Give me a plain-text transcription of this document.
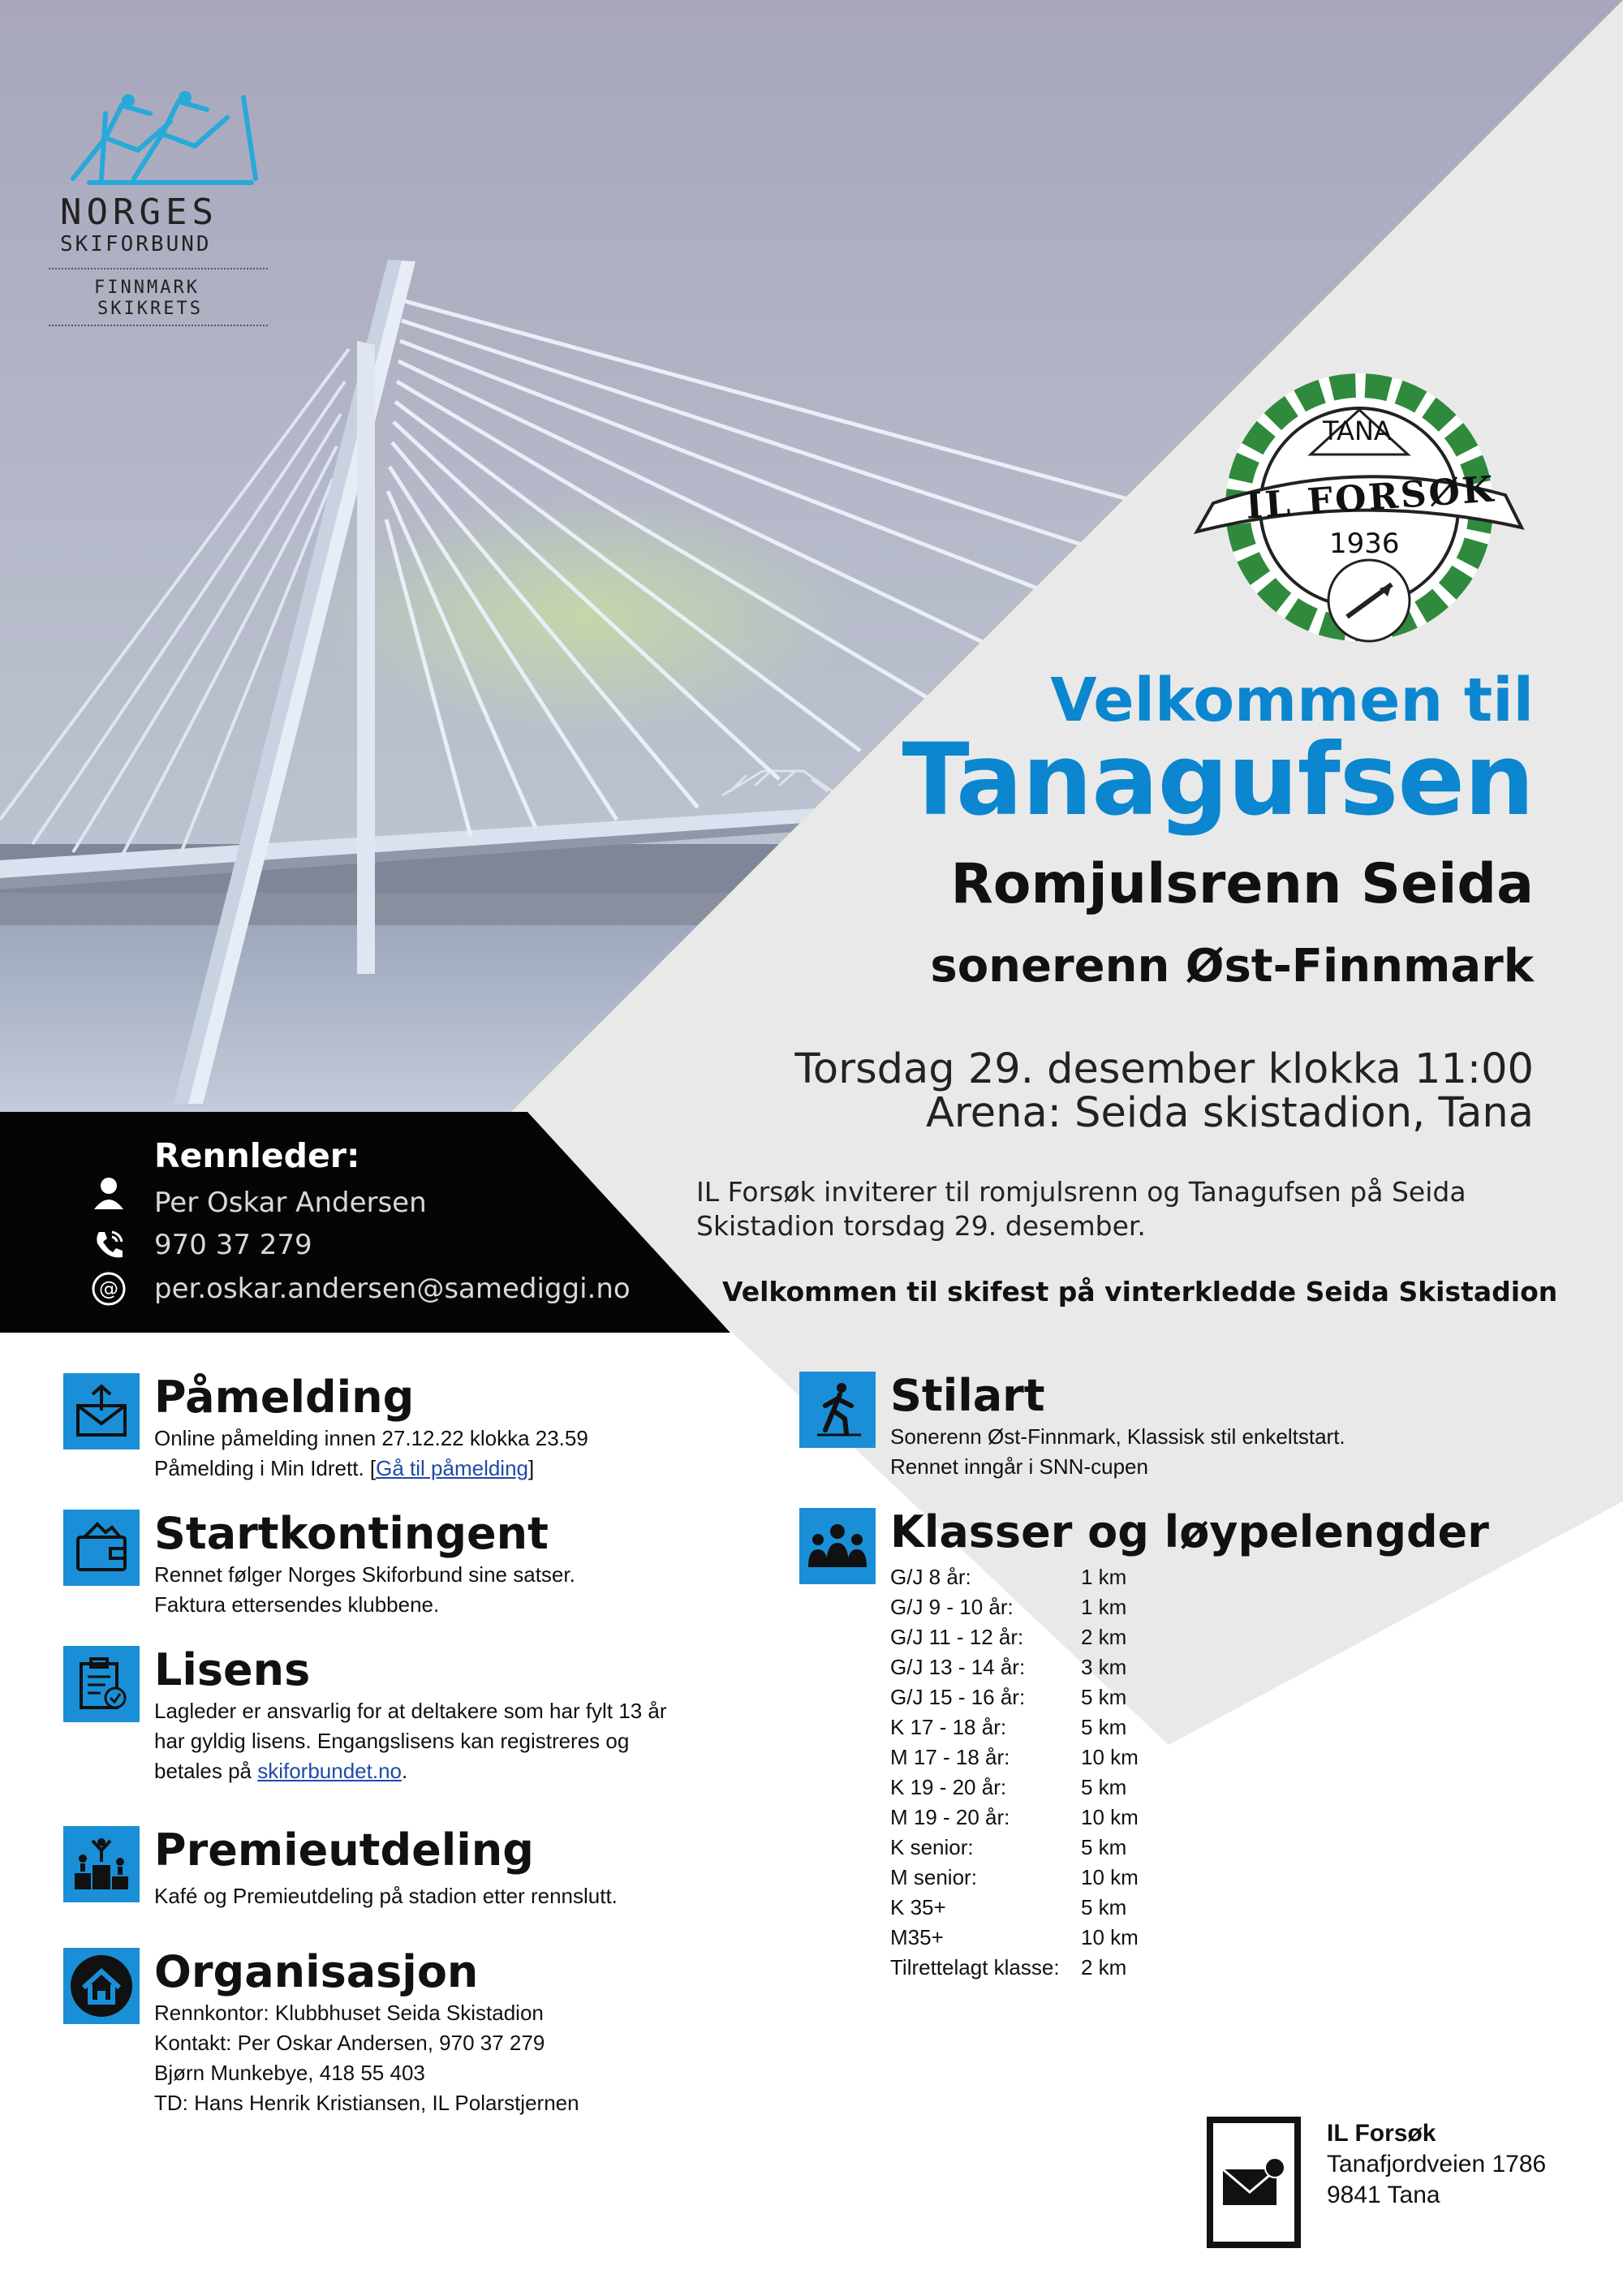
NORGES
SKIFORBUND
FINNMARK
SKIKRETS
TANA
IL FORSØK
1936
Velkommen til
Tanagufsen
Romjulsrenn Seida
sonerenn Øst-Finnmark
Torsdag 29. desember klokka 11:00
Arena: Seida skistadion, Tana
Rennleder:
Per Oskar Andersen
970 37 279
@ per.oskar.andersen@samediggi.no
IL Forsøk inviterer til romjulsrenn og Tanagufsen på Seida Skistadion torsdag 29. desember.
Velkommen til skifest på vinterkledde Seida Skistadion
Påmelding
Online påmelding innen 27.12.22 klokka 23.59
Påmelding i Min Idrett. [Gå til påmelding]
Startkontingent
Rennet følger Norges Skiforbund sine satser.
Faktura ettersendes klubbene.
Lisens
Lagleder er ansvarlig for at deltakere som har fylt 13 år har gyldig lisens. Engangslisens kan registreres og betales på skiforbundet.no.
Premieutdeling
Kafé og Premieutdeling på stadion etter rennslutt.
Organisasjon
Rennkontor: Klubbhuset Seida Skistadion
Kontakt: Per Oskar Andersen, 970 37 279
Bjørn Munkebye, 418 55 403
TD: Hans Henrik Kristiansen, IL Polarstjernen
Stilart
Sonerenn Øst-Finnmark, Klassisk stil enkeltstart.
Rennet inngår i SNN-cupen
Klasser og løypelengder
G/J 8 år:	1 km
G/J 9 - 10 år:	1 km
G/J 11 - 12 år:	2 km
G/J 13 - 14 år:	3 km
G/J 15 - 16 år:	5 km
K 17 - 18 år:	5 km
M 17 - 18 år:	10 km
K 19 - 20 år:	5 km
M 19 - 20 år:	10 km
K senior:	5 km
M senior:	10 km
K 35+	5 km
M35+	10 km
Tilrettelagt klasse: 2 km
1
IL Forsøk
Tanafjordveien 1786
9841 Tana
